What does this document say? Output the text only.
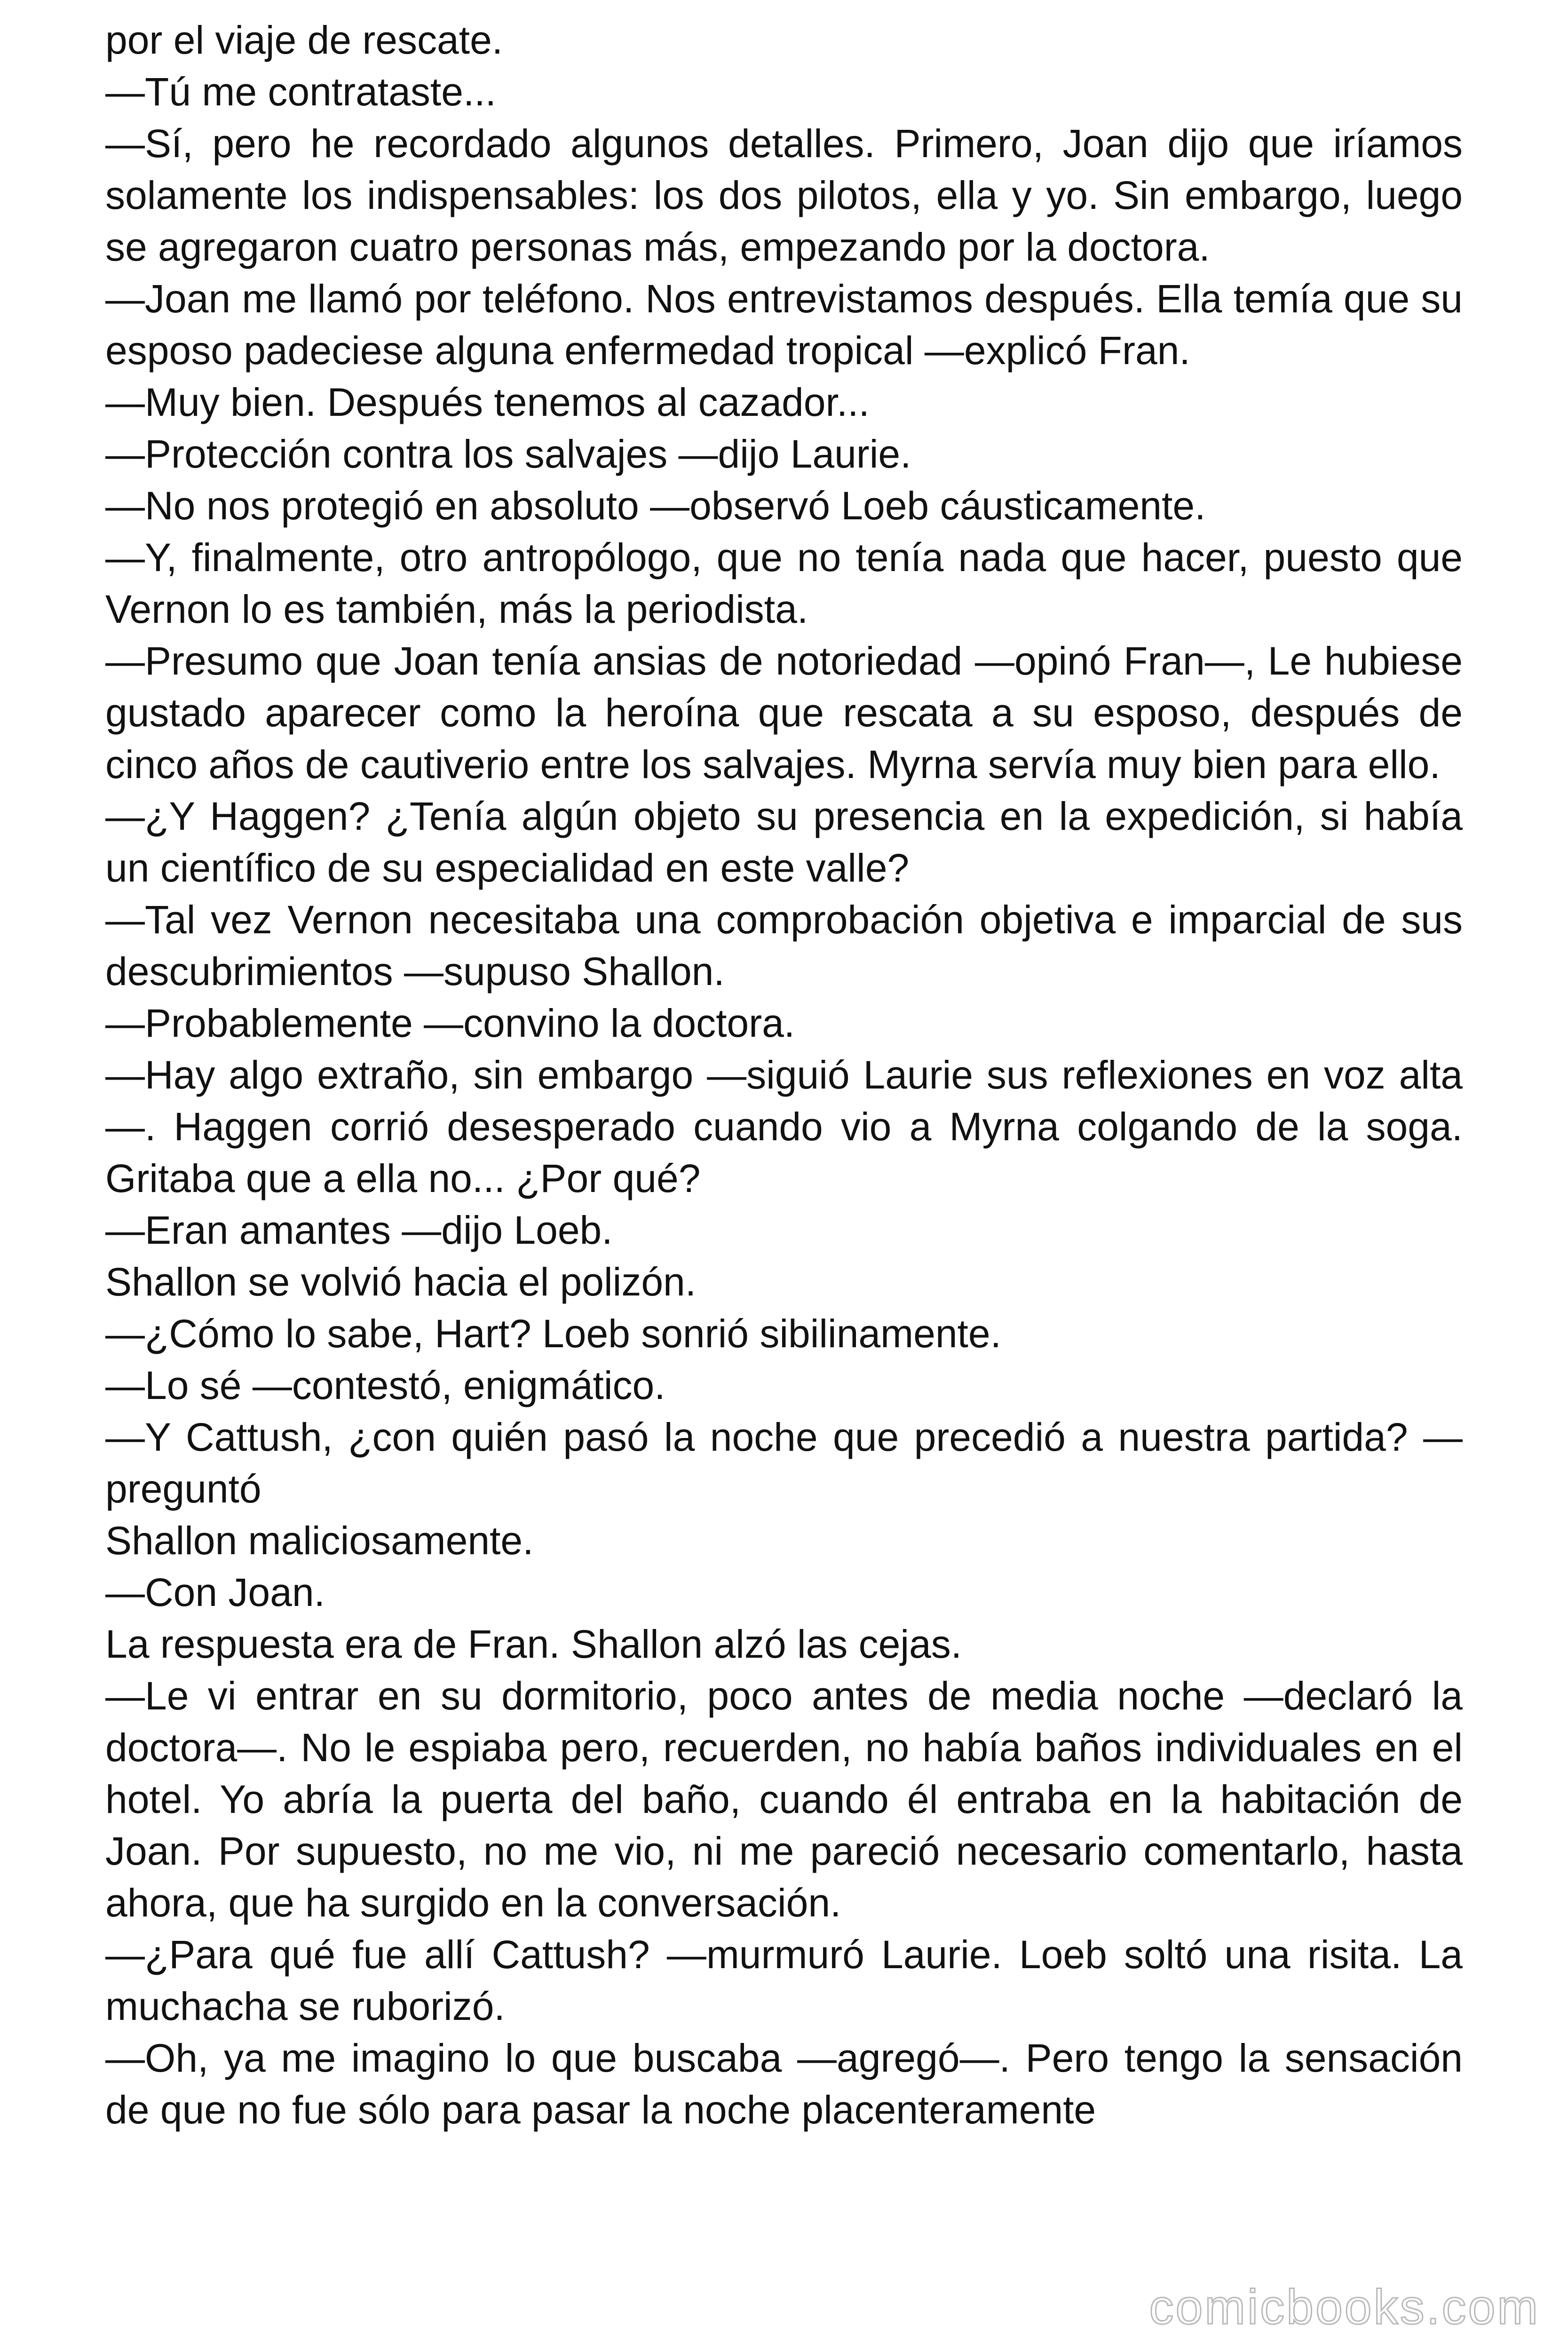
por el viaje de rescate.

—Tú me contrataste...

—Sí, pero he recordado algunos detalles. Primero, Joan dijo que iríamos solamente los indispensables: los dos pilotos, ella y yo. Sin embargo, luego se agregaron cuatro personas más, empezando por la doctora.

—Joan me llamó por teléfono. Nos entrevistamos después. Ella temía que su esposo padeciese alguna enfermedad tropical —explicó Fran.

—Muy bien. Después tenemos al cazador...

—Protección contra los salvajes —dijo Laurie.

—No nos protegió en absoluto —observó Loeb cáusticamente.

—Y, finalmente, otro antropólogo, que no tenía nada que hacer, puesto que Vernon lo es también, más la periodista.

—Presumo que Joan tenía ansias de notoriedad —opinó Fran—, Le hubiese gustado aparecer como la heroína que rescata a su esposo, después de cinco años de cautiverio entre los salvajes. Myrna servía muy bien para ello.

—¿Y Haggen? ¿Tenía algún objeto su presencia en la expedición, si había un científico de su especialidad en este valle?

—Tal vez Vernon necesitaba una comprobación objetiva e imparcial de sus descubrimientos —supuso Shallon.

—Probablemente —convino la doctora.

—Hay algo extraño, sin embargo —siguió Laurie sus reflexiones en voz alta—. Haggen corrió desesperado cuando vio a Myrna colgando de la soga. Gritaba que a ella no... ¿Por qué?

—Eran amantes —dijo Loeb.

Shallon se volvió hacia el polizón.

—¿Cómo lo sabe, Hart? Loeb sonrió sibilinamente.

—Lo sé —contestó, enigmático.

—Y Cattush, ¿con quién pasó la noche que precedió a nuestra partida? —preguntó

Shallon maliciosamente.

—Con Joan.

La respuesta era de Fran. Shallon alzó las cejas.

—Le vi entrar en su dormitorio, poco antes de media noche —declaró la doctora—. No le espiaba pero, recuerden, no había baños individuales en el hotel. Yo abría la puerta del baño, cuando él entraba en la habitación de Joan. Por supuesto, no me vio, ni me pareció necesario comentarlo, hasta ahora, que ha surgido en la conversación.

—¿Para qué fue allí Cattush? —murmuró Laurie. Loeb soltó una risita. La muchacha se ruborizó.

—Oh, ya me imagino lo que buscaba —agregó—. Pero tengo la sensación de que no fue sólo para pasar la noche placenteramente

comicbooks.com
